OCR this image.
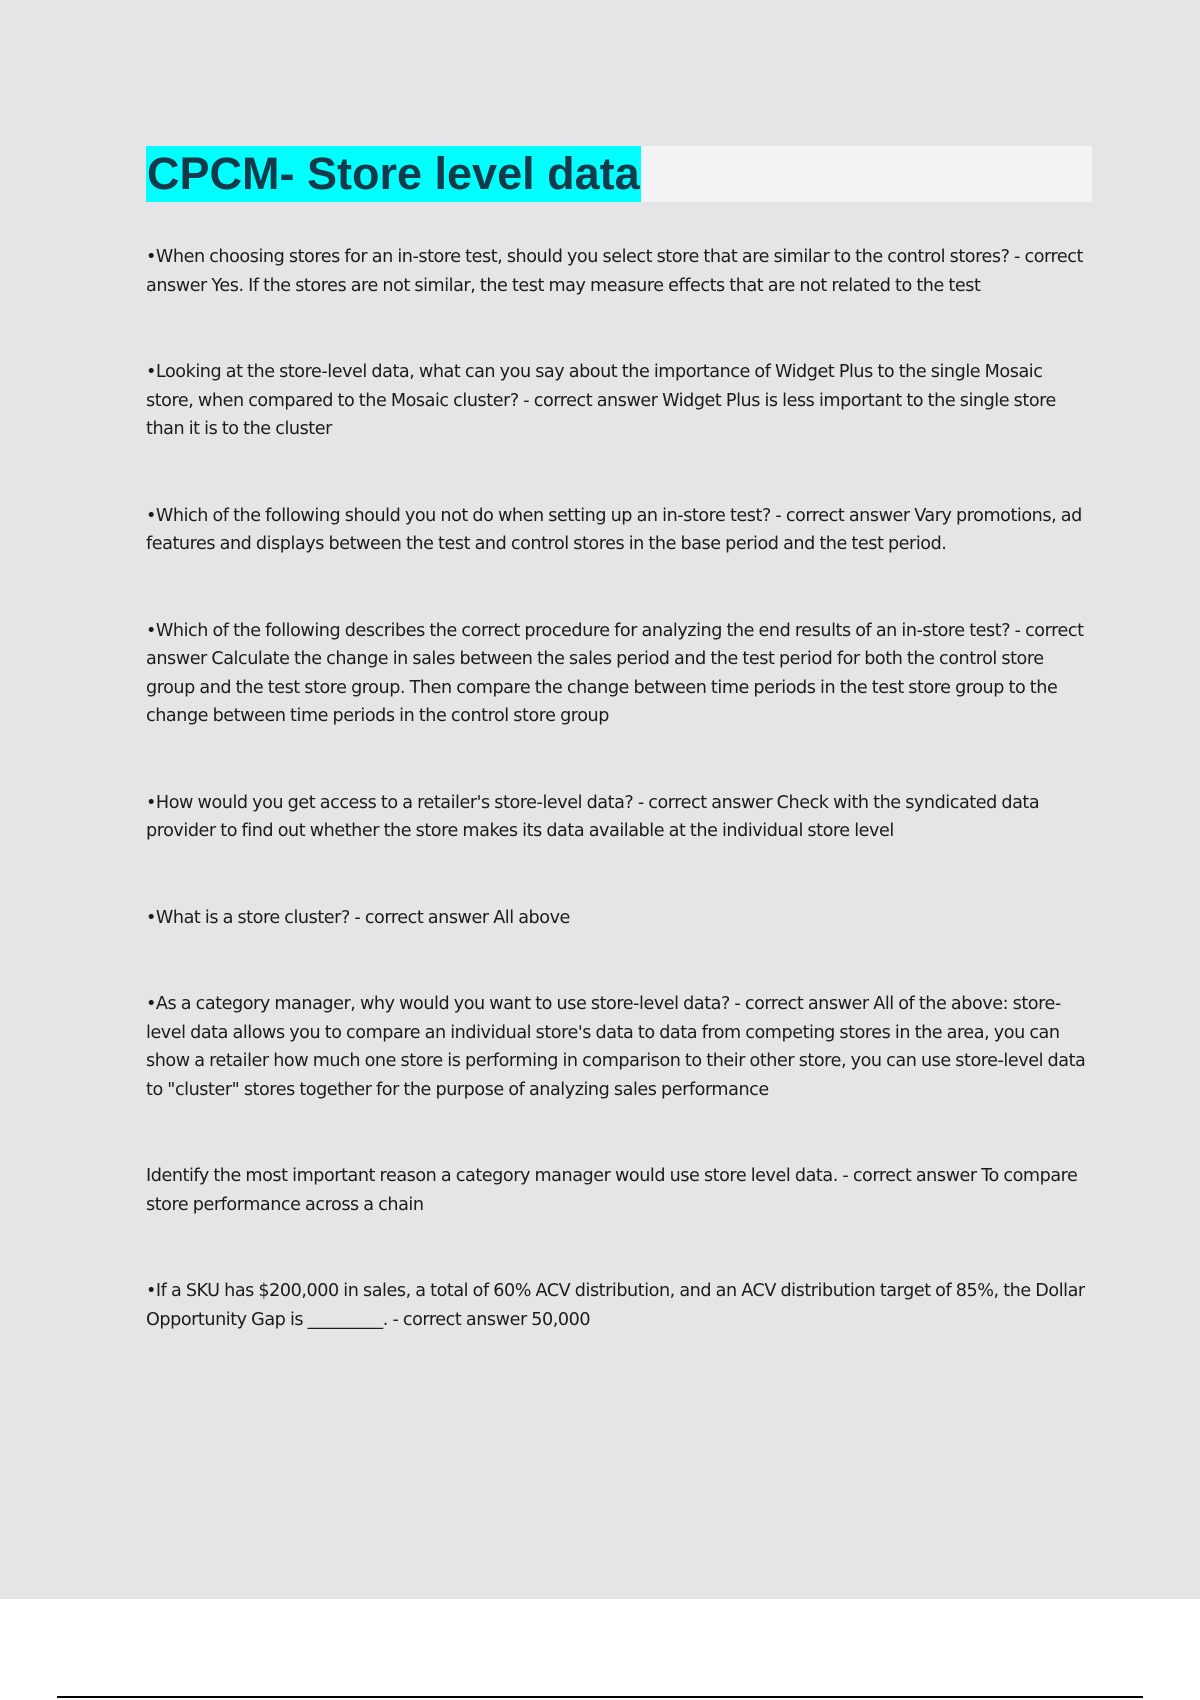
CPCM- Store level data

•When choosing stores for an in-store test, should you select store that are similar to the control stores? - correct answer Yes. If the stores are not similar, the test may measure effects that are not related to the test

•Looking at the store-level data, what can you say about the importance of Widget Plus to the single Mosaic store, when compared to the Mosaic cluster? - correct answer Widget Plus is less important to the single store than it is to the cluster

•Which of the following should you not do when setting up an in-store test? - correct answer Vary promotions, ad features and displays between the test and control stores in the base period and the test period.

•Which of the following describes the correct procedure for analyzing the end results of an in-store test? - correct answer Calculate the change in sales between the sales period and the test period for both the control store group and the test store group. Then compare the change between time periods in the test store group to the change between time periods in the control store group

•How would you get access to a retailer's store-level data? - correct answer Check with the syndicated data provider to find out whether the store makes its data available at the individual store level

•What is a store cluster? - correct answer All above

•As a category manager, why would you want to use store-level data? - correct answer All of the above: store-level data allows you to compare an individual store's data to data from competing stores in the area, you can show a retailer how much one store is performing in comparison to their other store, you can use store-level data to "cluster" stores together for the purpose of analyzing sales performance

Identify the most important reason a category manager would use store level data. - correct answer To compare store performance across a chain

•If a SKU has $200,000 in sales, a total of 60% ACV distribution, and an ACV distribution target of 85%, the Dollar Opportunity Gap is _________. - correct answer 50,000
